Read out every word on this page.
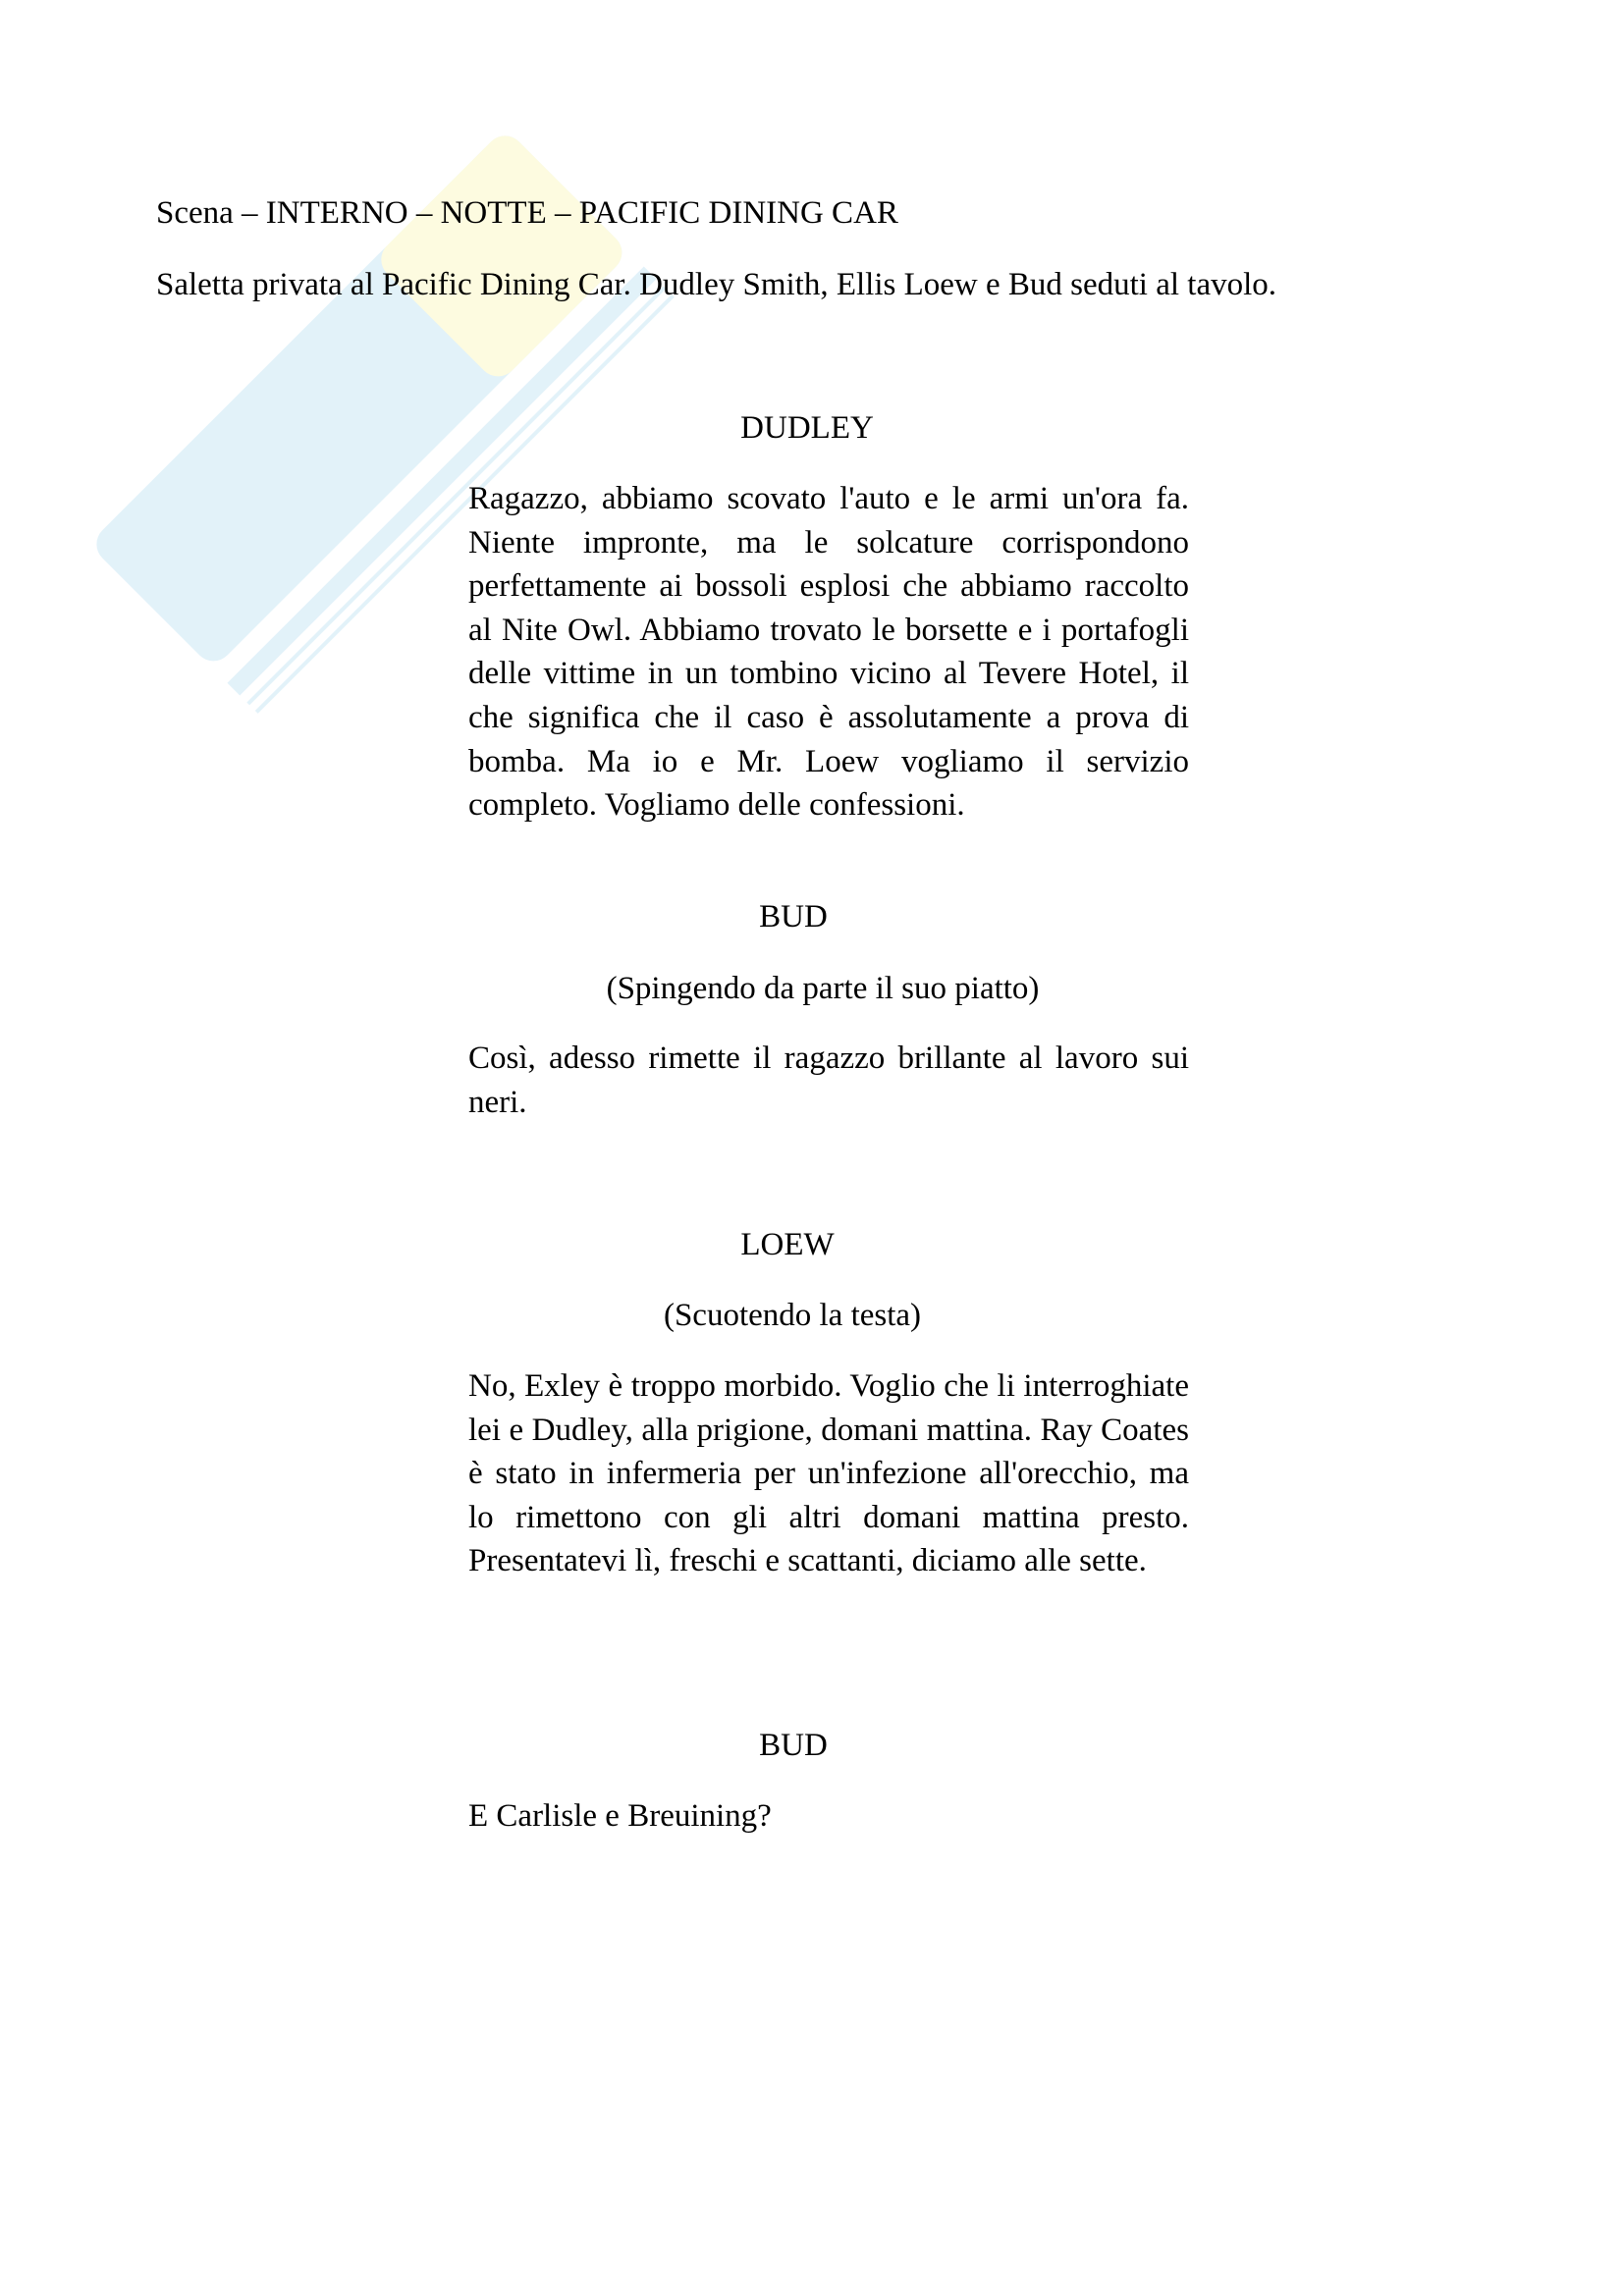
Scena – INTERNO – NOTTE – PACIFIC DINING CAR
Saletta privata al Pacific Dining Car. Dudley Smith, Ellis Loew e Bud seduti al tavolo.
DUDLEY

Ragazzo, abbiamo scovato l'auto e le armi un'ora fa. Niente impronte, ma le solcature corrispondono perfettamente ai bossoli esplosi che abbiamo raccolto al Nite Owl. Abbiamo trovato le borsette e i portafogli delle vittime in un tombino vicino al Tevere Hotel, il che significa che il caso è assolutamente a prova di bomba. Ma io e Mr. Loew vogliamo il servizio completo. Vogliamo delle confessioni.

BUD
(Spingendo da parte il suo piatto)

Così, adesso rimette il ragazzo brillante al lavoro sui neri.

LOEW
(Scuotendo la testa)

No, Exley è troppo morbido. Voglio che li interroghiate lei e Dudley, alla prigione, domani mattina. Ray Coates è stato in infermeria per un'infezione all'orecchio, ma lo rimettono con gli altri domani mattina presto. Presentatevi lì, freschi e scattanti, diciamo alle sette.

BUD

E Carlisle e Breuining?
